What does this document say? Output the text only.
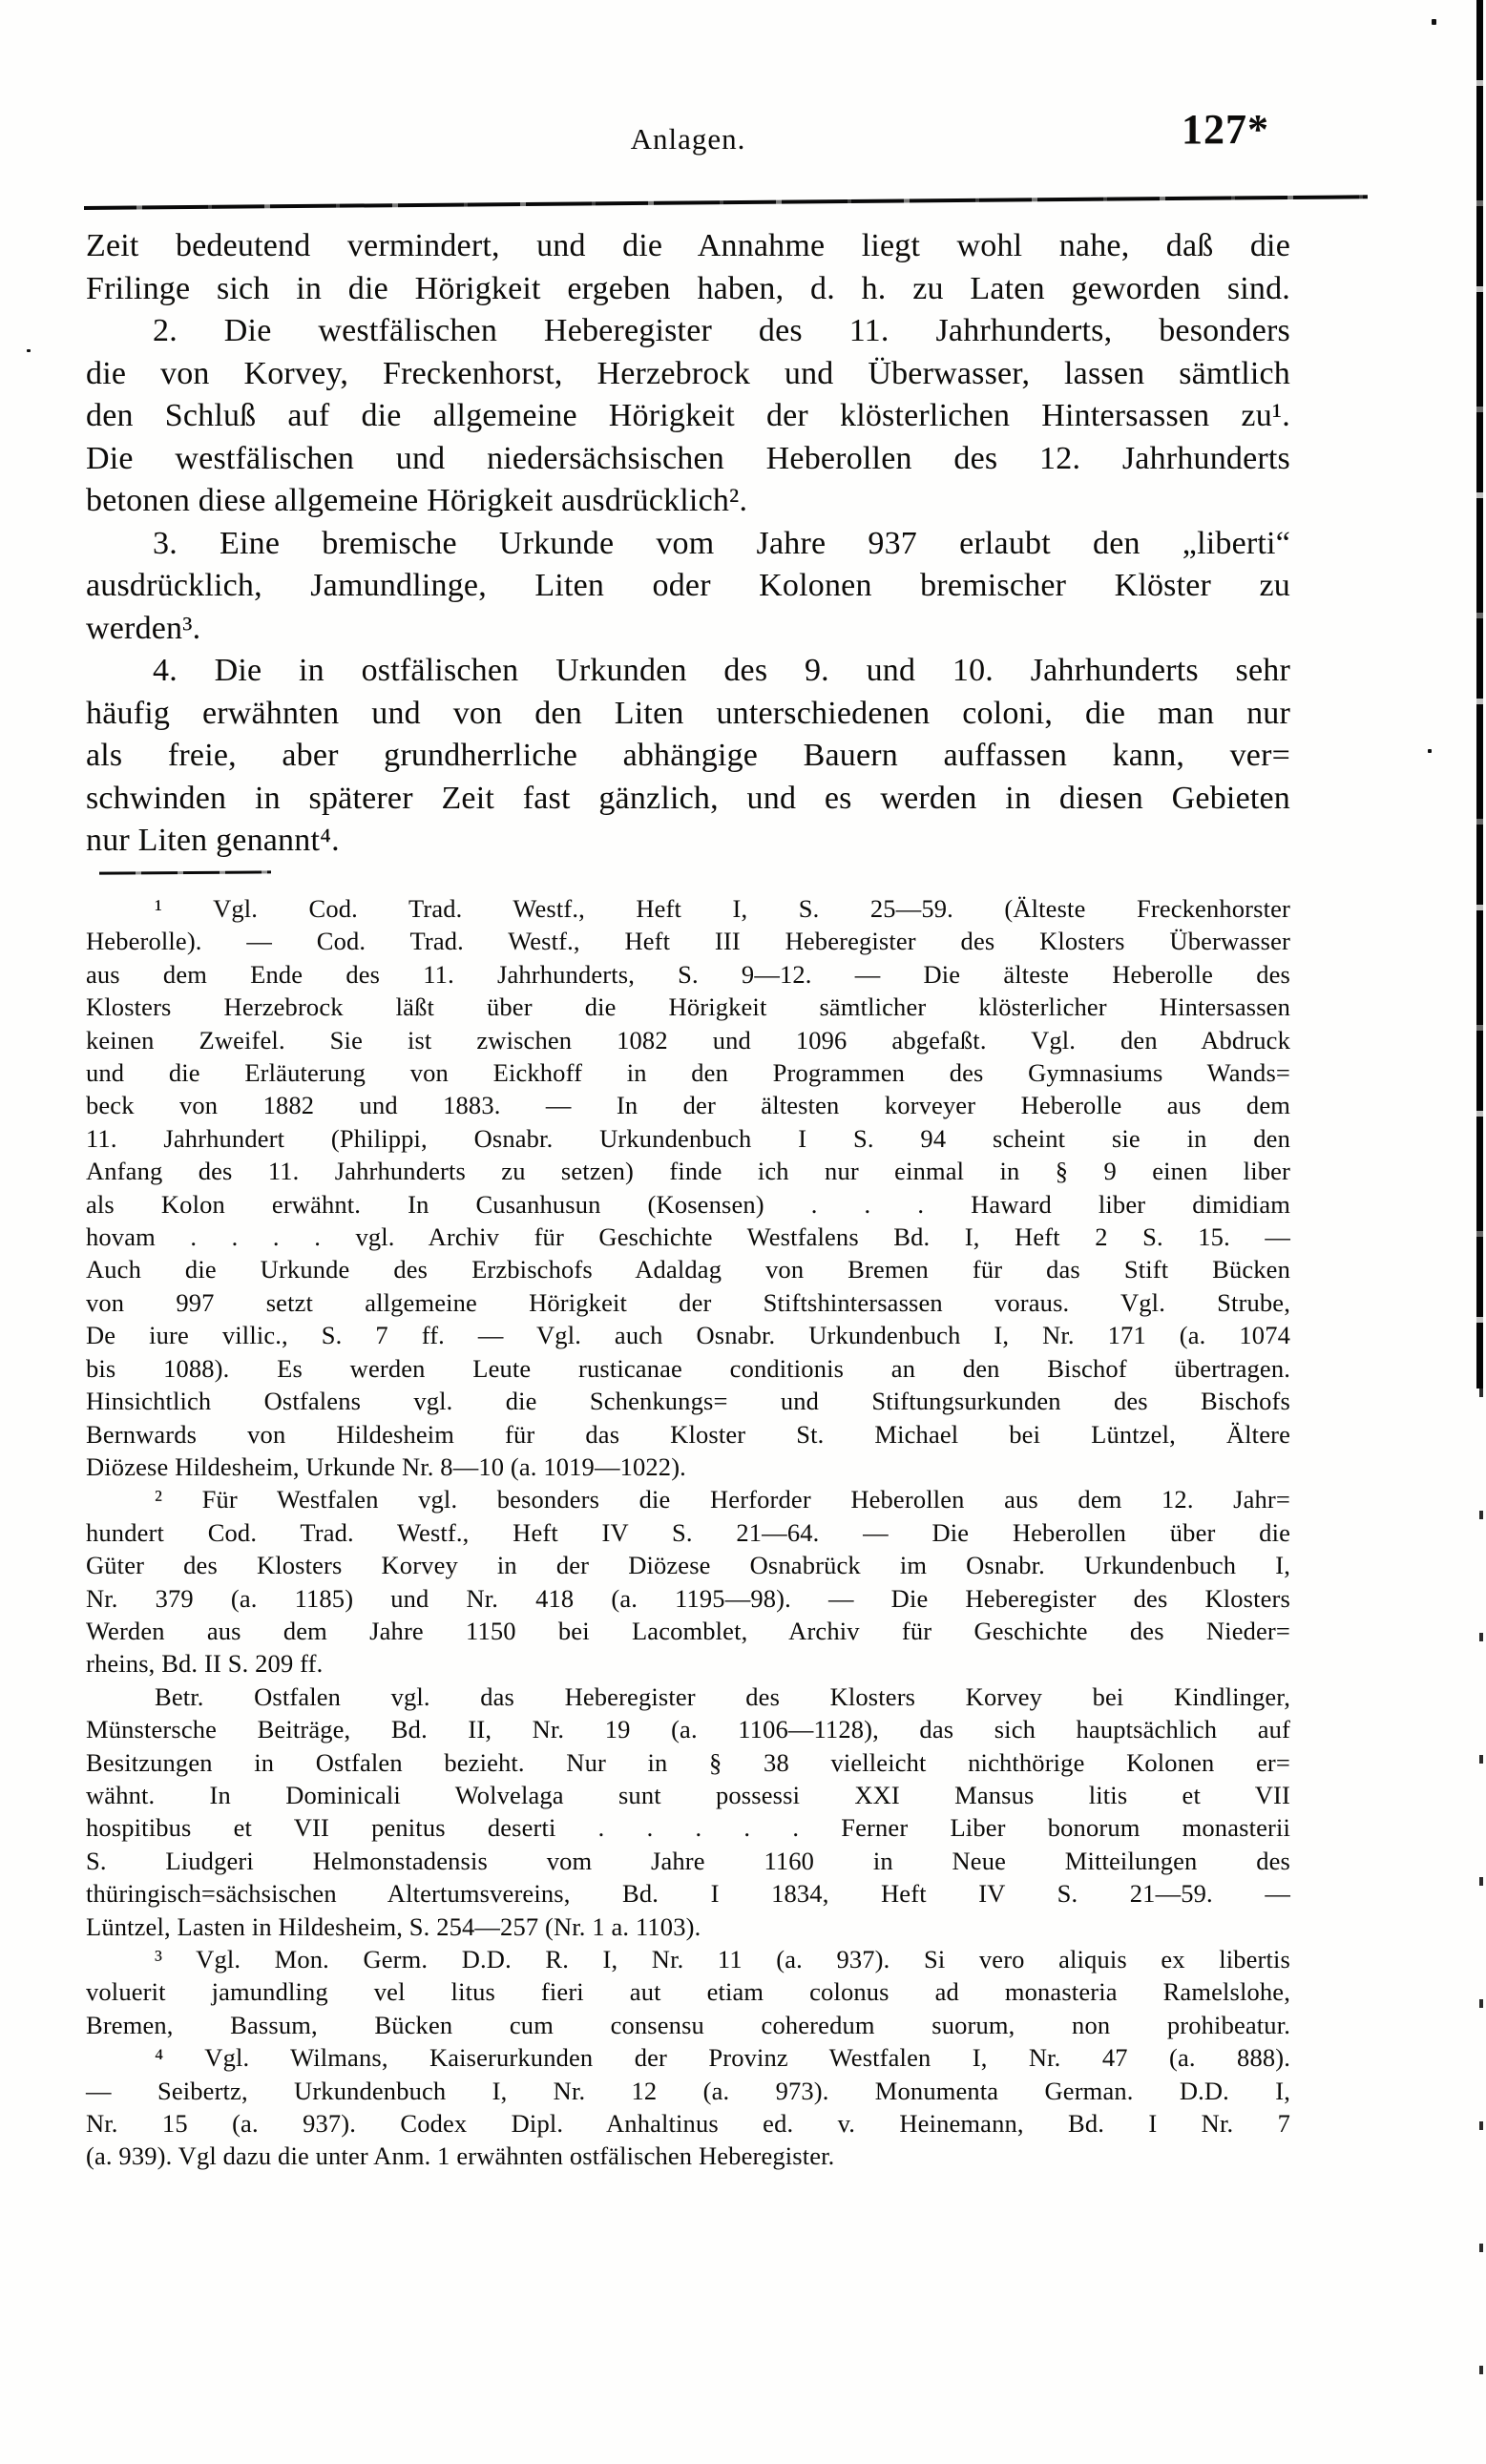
Anlagen.	127*
Zeit bedeutend vermindert, und die Annahme liegt wohl nahe, daß die
Frilinge sich in die Hörigkeit ergeben haben, d. h. zu Laten geworden sind.
2. Die westfälischen Heberegister des 11. Jahrhunderts, besonders
die von Korvey, Freckenhorst, Herzebrock und Überwasser, lassen sämtlich
den Schluß auf die allgemeine Hörigkeit der klösterlichen Hintersassen zu¹.
Die westfälischen und niedersächsischen Heberollen des 12. Jahrhunderts
betonen diese allgemeine Hörigkeit ausdrücklich².
3. Eine bremische Urkunde vom Jahre 937 erlaubt den „liberti“
ausdrücklich, Jamundlinge, Liten oder Kolonen bremischer Klöster zu
werden³.
4. Die in ostfälischen Urkunden des 9. und 10. Jahrhunderts sehr
häufig erwähnten und von den Liten unterschiedenen coloni, die man nur
als freie, aber grundherrliche abhängige Bauern auffassen kann, ver=
schwinden in späterer Zeit fast gänzlich, und es werden in diesen Gebieten
nur Liten genannt⁴.
¹ Vgl. Cod. Trad. Westf., Heft I, S. 25—59. (Älteste Freckenhorster
Heberolle). — Cod. Trad. Westf., Heft III Heberegister des Klosters Überwasser
aus dem Ende des 11. Jahrhunderts, S. 9—12. — Die älteste Heberolle des
Klosters Herzebrock läßt über die Hörigkeit sämtlicher klösterlicher Hintersassen
keinen Zweifel. Sie ist zwischen 1082 und 1096 abgefaßt. Vgl. den Abdruck
und die Erläuterung von Eickhoff in den Programmen des Gymnasiums Wands=
beck von 1882 und 1883. — In der ältesten korveyer Heberolle aus dem
11. Jahrhundert (Philippi, Osnabr. Urkundenbuch I S. 94 scheint sie in den
Anfang des 11. Jahrhunderts zu setzen) finde ich nur einmal in § 9 einen liber
als Kolon erwähnt. In Cusanhusun (Kosensen) . . . Haward liber dimidiam
hovam . . . . vgl. Archiv für Geschichte Westfalens Bd. I, Heft 2 S. 15. —
Auch die Urkunde des Erzbischofs Adaldag von Bremen für das Stift Bücken
von 997 setzt allgemeine Hörigkeit der Stiftshintersassen voraus. Vgl. Strube,
De iure villic., S. 7 ff. — Vgl. auch Osnabr. Urkundenbuch I, Nr. 171 (a. 1074
bis 1088). Es werden Leute rusticanae conditionis an den Bischof übertragen.
Hinsichtlich Ostfalens vgl. die Schenkungs= und Stiftungsurkunden des Bischofs
Bernwards von Hildesheim für das Kloster St. Michael bei Lüntzel, Ältere
Diözese Hildesheim, Urkunde Nr. 8—10 (a. 1019—1022).
² Für Westfalen vgl. besonders die Herforder Heberollen aus dem 12. Jahr=
hundert Cod. Trad. Westf., Heft IV S. 21—64. — Die Heberollen über die
Güter des Klosters Korvey in der Diözese Osnabrück im Osnabr. Urkundenbuch I,
Nr. 379 (a. 1185) und Nr. 418 (a. 1195—98). — Die Heberegister des Klosters
Werden aus dem Jahre 1150 bei Lacomblet, Archiv für Geschichte des Nieder=
rheins, Bd. II S. 209 ff.
Betr. Ostfalen vgl. das Heberegister des Klosters Korvey bei Kindlinger,
Münstersche Beiträge, Bd. II, Nr. 19 (a. 1106—1128), das sich hauptsächlich auf
Besitzungen in Ostfalen bezieht. Nur in § 38 vielleicht nichthörige Kolonen er=
wähnt. In Dominicali Wolvelaga sunt possessi XXI Mansus litis et VII
hospitibus et VII penitus deserti . . . . . Ferner Liber bonorum monasterii
S. Liudgeri Helmonstadensis vom Jahre 1160 in Neue Mitteilungen des
thüringisch=sächsischen Altertumsvereins, Bd. I 1834, Heft IV S. 21—59. —
Lüntzel, Lasten in Hildesheim, S. 254—257 (Nr. 1 a. 1103).
³ Vgl. Mon. Germ. D.D. R. I, Nr. 11 (a. 937). Si vero aliquis ex libertis
voluerit jamundling vel litus fieri aut etiam colonus ad monasteria Ramelslohe,
Bremen, Bassum, Bücken cum consensu coheredum suorum, non prohibeatur.
⁴ Vgl. Wilmans, Kaiserurkunden der Provinz Westfalen I, Nr. 47 (a. 888).
— Seibertz, Urkundenbuch I, Nr. 12 (a. 973). Monumenta German. D.D. I,
Nr. 15 (a. 937). Codex Dipl. Anhaltinus ed. v. Heinemann, Bd. I Nr. 7
(a. 939). Vgl dazu die unter Anm. 1 erwähnten ostfälischen Heberegister.
